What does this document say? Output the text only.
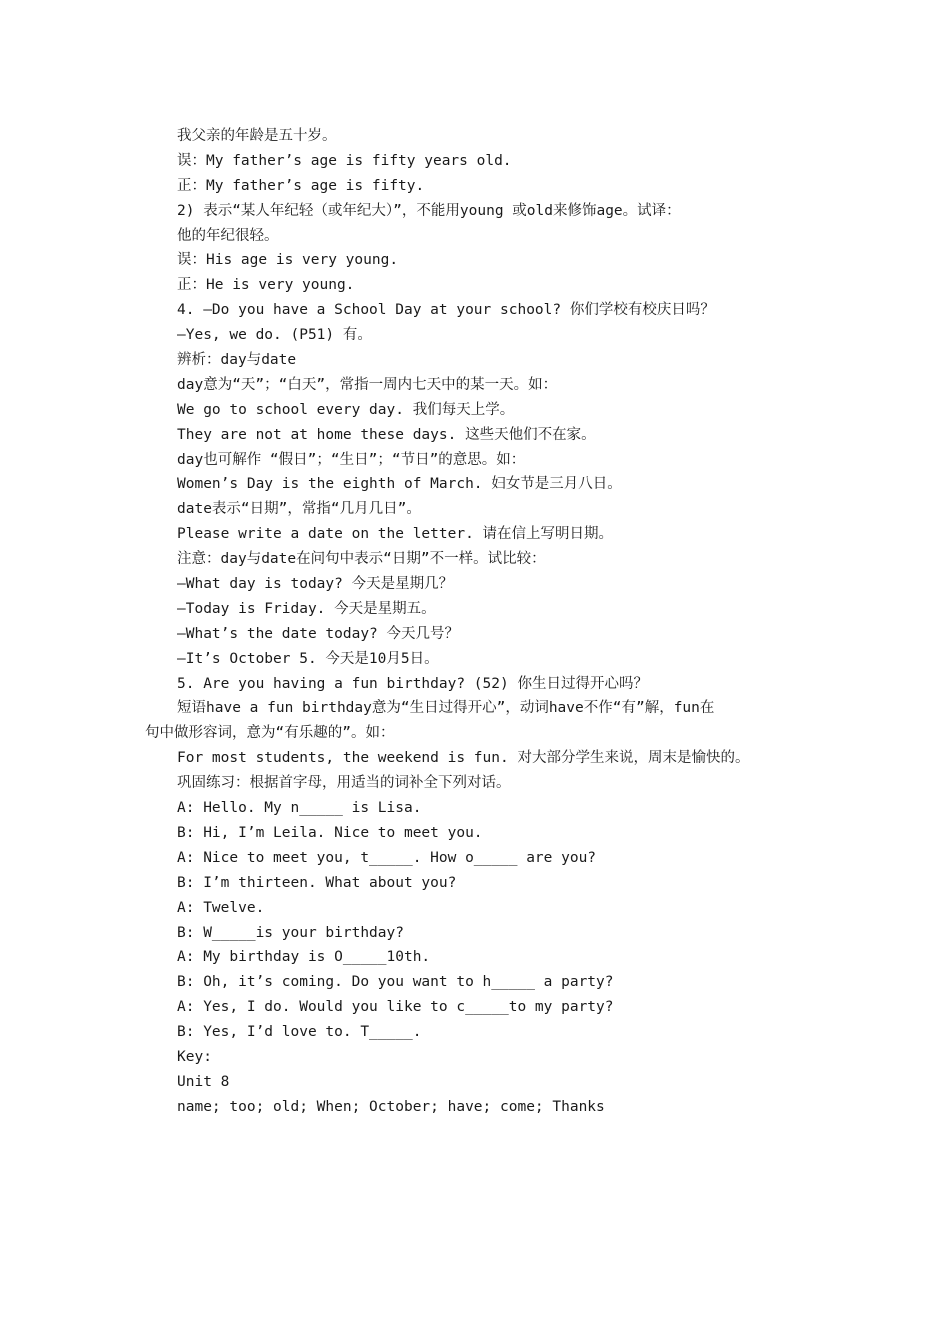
我父亲的年龄是五十岁。
误：My father’s age is fifty years old.
正：My father’s age is fifty.
2) 表示“某人年纪轻（或年纪大）”，不能用young 或old来修饰age。试译：
他的年纪很轻。
误：His age is very young.
正：He is very young.
4. —Do you have a School Day at your school? 你们学校有校庆日吗？
—Yes, we do. (P51) 有。
辨析：day与date
day意为“天”；“白天”，常指一周内七天中的某一天。如：
We go to school every day. 我们每天上学。
They are not at home these days. 这些天他们不在家。
day也可解作 “假日”；“生日”；“节日”的意思。如：
Women’s Day is the eighth of March. 妇女节是三月八日。
date表示“日期”，常指“几月几日”。
Please write a date on the letter. 请在信上写明日期。
注意：day与date在问句中表示“日期”不一样。试比较：
—What day is today? 今天是星期几？
—Today is Friday. 今天是星期五。
—What’s the date today? 今天几号？
—It’s October 5. 今天是10月5日。
5. Are you having a fun birthday? (52) 你生日过得开心吗？
短语have a fun birthday意为“生日过得开心”，动词have不作“有”解，fun在
句中做形容词，意为“有乐趣的”。如：
For most students, the weekend is fun. 对大部分学生来说，周末是愉快的。
巩固练习：根据首字母，用适当的词补全下列对话。
A: Hello. My n_____ is Lisa.
B: Hi, I’m Leila. Nice to meet you.
A: Nice to meet you, t_____. How o_____ are you?
B: I’m thirteen. What about you?
A: Twelve.
B: W_____is your birthday?
A: My birthday is O_____10th.
B: Oh, it’s coming. Do you want to h_____ a party?
A: Yes, I do. Would you like to c_____to my party?
B: Yes, I’d love to. T_____.
Key:
Unit 8
name; too; old; When; October; have; come; Thanks
